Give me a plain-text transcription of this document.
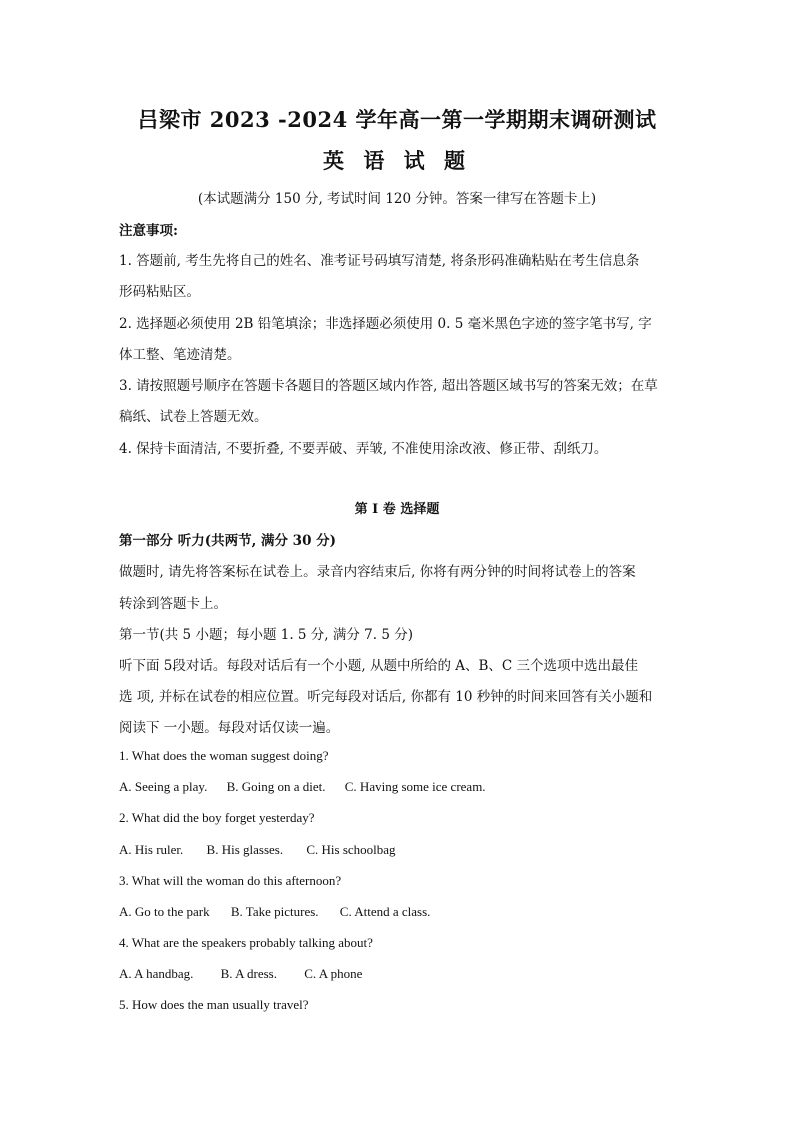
吕梁市 2023 -2024 学年高一第一学期期末调研测试
英 语 试 题
(本试题满分 150 分, 考试时间 120 分钟。答案一律写在答题卡上)
注意事项:
1. 答题前, 考生先将自己的姓名、准考证号码填写清楚, 将条形码准确粘贴在考生信息条
形码粘贴区。
2. 选择题必须使用 2B 铅笔填涂；非选择题必须使用 0. 5 毫米黑色字迹的签字笔书写, 字
体工整、笔迹清楚。
3. 请按照题号顺序在答题卡各题目的答题区域内作答, 超出答题区域书写的答案无效；在草
稿纸、试卷上答题无效。
4. 保持卡面清洁, 不要折叠, 不要弄破、弄皱, 不准使用涂改液、修正带、刮纸刀。
第 I 卷 选择题
第一部分 听力(共两节, 满分 30 分)
做题时, 请先将答案标在试卷上。录音内容结束后, 你将有两分钟的时间将试卷上的答案
转涂到答题卡上。
第一节(共 5 小题；每小题 1. 5 分, 满分 7. 5 分)
听下面 5段对话。每段对话后有一个小题, 从题中所给的 A、B、C 三个选项中选出最佳
选 项, 并标在试卷的相应位置。听完每段对话后, 你都有 10 秒钟的时间来回答有关小题和
阅读下 一小题。每段对话仅读一遍。
1. What does the woman suggest doing?
A. Seeing a play. B. Going on a diet. C. Having some ice cream.
2. What did the boy forget yesterday?
A. His ruler. B. His glasses. C. His schoolbag
3. What will the woman do this afternoon?
A. Go to the park B. Take pictures. C. Attend a class.
4. What are the speakers probably talking about?
A. A handbag. B. A dress. C. A phone
5. How does the man usually travel?
